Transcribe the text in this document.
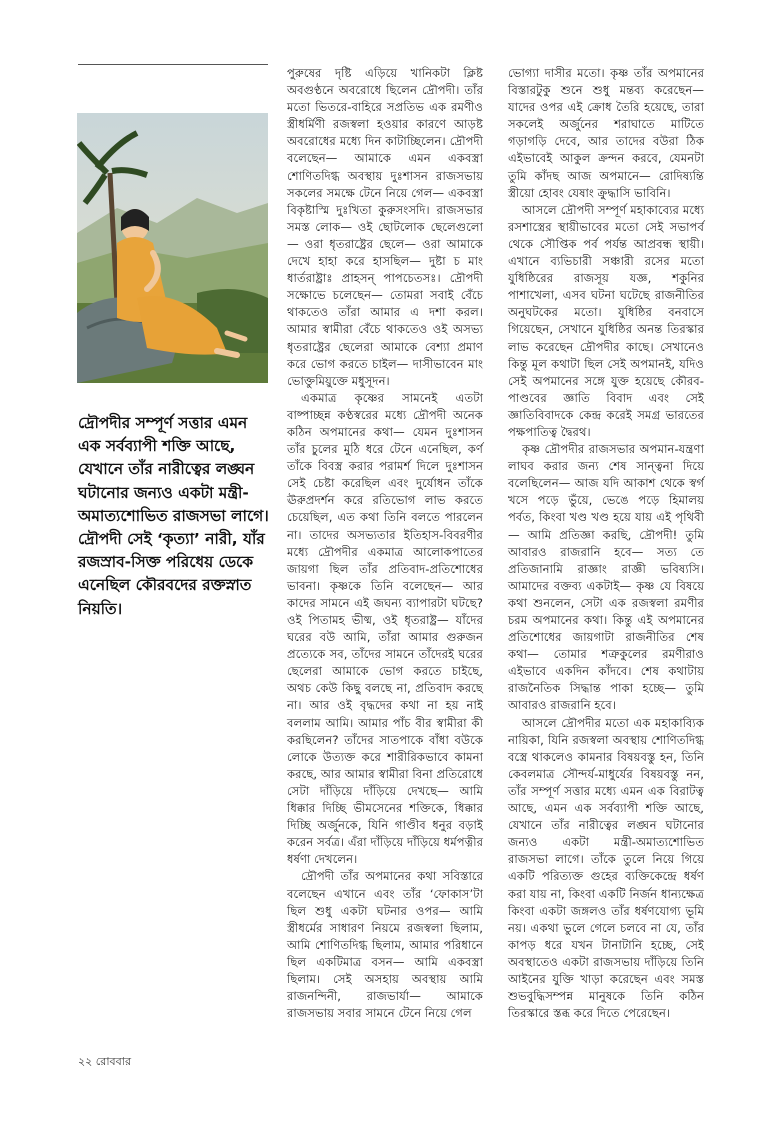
দ্রৌপদীর সম্পূর্ণ সত্তার এমন এক সর্বব্যাপী শক্তি আছে, যেখানে তাঁর নারীত্বের লঙ্ঘন ঘটানোর জন্যও একটা মন্ত্রী-অমাত্যশোভিত রাজসভা লাগে। দ্রৌপদী সেই ‘কৃত্যা’ নারী, যাঁর রজস্রাব-সিক্ত পরিধেয় ডেকে এনেছিল কৌরবদের রক্তস্নাত নিয়তি।

পুরুষের দৃষ্টি এড়িয়ে খানিকটা ক্লিষ্ট অবগুণ্ঠনে অবরোধে ছিলেন দ্রৌপদী। তাঁর মতো ভিতরে-বাহিরে সপ্রতিভ এক রমণীও স্ত্রীধর্মিণী রজস্বলা হওয়ার কারণে আড়ষ্ট অবরোধের মধ্যে দিন কাটাচ্ছিলেন। দ্রৌপদী বলেছেন— আমাকে এমন একবস্ত্রা শোণিতদিগ্ধ অবস্থায় দুঃশাসন রাজসভায় সকলের সমক্ষে টেনে নিয়ে গেল— একবস্ত্রা বিকৃষ্টাস্মি দুঃখিতা কুরুসংসদি। রাজসভার সমস্ত লোক— ওই ছোটলোক ছেলেগুলো— ওরা ধৃতরাষ্ট্রের ছেলে— ওরা আমাকে দেখে হাহা করে হাসছিল— দুষ্টা চ মাং ধার্তরাষ্ট্রাঃ প্রাহসন্ পাপচেতসঃ। দ্রৌপদী সক্ষোভে চলেছেন— তোমরা সবাই বেঁচে থাকতেও তাঁরা আমার এ দশা করল। আমার স্বামীরা বেঁচে থাকতেও ওই অসভ্য ধৃতরাষ্ট্রের ছেলেরা আমাকে বেশ্যা প্রমাণ করে ভোগ করতে চাইল— দাসীভাবেন মাং ভোক্তুমিয়ুক্তে মধুসূদন।

একমাত্র কৃষ্ণের সামনেই এতটা বাষ্পাচ্ছন্ন কণ্ঠস্বরের মধ্যে দ্রৌপদী অনেক কঠিন অপমানের কথা— যেমন দুঃশাসন তাঁর চুলের মুঠি ধরে টেনে এনেছিল, কর্ণ তাঁকে বিবস্ত্র করার পরামর্শ দিলে দুঃশাসন সেই চেষ্টা করেছিল এবং দুর্যোধন তাঁকে ঊরুপ্রদর্শন করে রতিভোগ লাভ করতে চেয়েছিল, এত কথা তিনি বলতে পারলেন না। তাদের অসভ্যতার ইতিহাস-বিবরণীর মধ্যে দ্রৌপদীর একমাত্র আলোকপাতের জায়গা ছিল তাঁর প্রতিবাদ-প্রতিশোধের ভাবনা। কৃষ্ণকে তিনি বলেছেন— আর কাদের সামনে এই জঘন্য ব্যাপারটা ঘটছে? ওই পিতামহ ভীষ্ম, ওই ধৃতরাষ্ট্র— যাঁদের ঘরের বউ আমি, তাঁরা আমার গুরুজন প্রত্যেকে সব, তাঁদের সামনে তাঁদেরই ঘরের ছেলেরা আমাকে ভোগ করতে চাইছে, অথচ কেউ কিছু বলছে না, প্রতিবাদ করছে না। আর ওই বৃদ্ধদের কথা না হয় নাই বললাম আমি। আমার পাঁচ বীর স্বামীরা কী করছিলেন? তাঁদের সাতপাকে বাঁধা বউকে লোকে উত্যক্ত করে শারীরিকভাবে কামনা করছে, আর আমার স্বামীরা বিনা প্রতিরোধে সেটা দাঁড়িয়ে দাঁড়িয়ে দেখছে— আমি ধিক্কার দিচ্ছি ভীমসেনের শক্তিকে, ধিক্কার দিচ্ছি অর্জুনকে, যিনি গাণ্ডীব ধনুর বড়াই করেন সর্বত্র। এঁরা দাঁড়িয়ে দাঁড়িয়ে ধর্মপত্নীর ধর্ষণা দেখলেন।

দ্রৌপদী তাঁর অপমানের কথা সবিস্তারে বলেছেন এখানে এবং তাঁর ‘ফোকাস’টা ছিল শুধু একটা ঘটনার ওপর— আমি স্ত্রীধর্মের সাধারণ নিয়মে রজস্বলা ছিলাম, আমি শোণিতদিগ্ধ ছিলাম, আমার পরিধানে ছিল একটিমাত্র বসন— আমি একবস্ত্রা ছিলাম। সেই অসহায় অবস্থায় আমি রাজনন্দিনী, রাজভার্যা— আমাকে রাজসভায় সবার সামনে টেনে নিয়ে গেল

ভোগ্যা দাসীর মতো। কৃষ্ণ তাঁর অপমানের বিস্তারটুকু শুনে শুধু মন্তব্য করেছেন— যাদের ওপর এই ক্রোধ তৈরি হয়েছে, তারা সকলেই অর্জুনের শরাঘাতে মাটিতে গড়াগড়ি দেবে, আর তাদের বউরা ঠিক এইভাবেই আকুল ক্রন্দন করবে, যেমনটা তুমি কাঁদছ আজ অপমানে— রোদিষ্যন্তি স্ত্রীয়ো হোবং যেষাং ক্রুদ্ধাসি ভাবিনি।

আসলে দ্রৌপদী সম্পূর্ণ মহাকাব্যের মধ্যে রসশাস্ত্রের স্থায়ীভাবের মতো সেই সভাপর্ব থেকে সৌপ্তিক পর্ব পর্যন্ত আপ্রবন্ধ স্থায়ী। এখানে ব্যভিচারী সঞ্চারী রসের মতো যুধিষ্ঠিরের রাজসূয় যজ্ঞ, শকুনির পাশাখেলা, এসব ঘটনা ঘটেছে রাজনীতির অনুঘটকের মতো। যুধিষ্ঠির বনবাসে গিয়েছেন, সেখানে যুধিষ্ঠির অনন্ত তিরস্কার লাভ করেছেন দ্রৌপদীর কাছে। সেখানেও কিন্তু মূল কথাটা ছিল সেই অপমানই, যদিও সেই অপমানের সঙ্গে যুক্ত হয়েছে কৌরব-পাণ্ডবের জ্ঞাতি বিবাদ এবং সেই জ্ঞাতিবিবাদকে কেন্দ্র করেই সমগ্র ভারতের পক্ষপাতিত্ব দ্বৈরথ।

কৃষ্ণ দ্রৌপদীর রাজসভার অপমান-যন্ত্রণা লাঘব করার জন্য শেষ সান্ত্বনা দিয়ে বলেছিলেন— আজ যদি আকাশ থেকে স্বর্গ খসে পড়ে ভুঁয়ে, ভেঙে পড়ে হিমালয় পর্বত, কিংবা খণ্ড খণ্ড হয়ে যায় এই পৃথিবী— আমি প্রতিজ্ঞা করছি, দ্রৌপদী! তুমি আবারও রাজরানি হবে— সত্য তে প্রতিজানামি রাজ্ঞাং রাজ্ঞী ভবিষ্যসি। আমাদের বক্তব্য একটাই— কৃষ্ণ যে বিষয়ে কথা শুনলেন, সেটা এক রজস্বলা রমণীর চরম অপমানের কথা। কিন্তু এই অপমানের প্রতিশোধের জায়গাটা রাজনীতির শেষ কথা— তোমার শত্রুকুলের রমণীরাও এইভাবে একদিন কাঁদবে। শেষ কথাটায় রাজনৈতিক সিদ্ধান্ত পাকা হচ্ছে— তুমি আবারও রাজরানি হবে।

আসলে দ্রৌপদীর মতো এক মহাকাব্যিক নায়িকা, যিনি রজস্বলা অবস্থায় শোণিতদিগ্ধ বস্ত্রে থাকলেও কামনার বিষয়বস্তু হন, তিনি কেবলমাত্র সৌন্দর্য-মাধুর্যের বিষয়বস্তু নন, তাঁর সম্পূর্ণ সত্তার মধ্যে এমন এক বিরাটত্ব আছে, এমন এক সর্বব্যাপী শক্তি আছে, যেখানে তাঁর নারীত্বের লঙ্ঘন ঘটানোর জন্যও একটা মন্ত্রী-অমাত্যশোভিত রাজসভা লাগে। তাঁকে তুলে নিয়ে গিয়ে একটি পরিত্যক্ত গুহের ব্যক্তিকেন্দ্রে ধর্ষণ করা যায় না, কিংবা একটি নির্জন ধান্যক্ষেত্র কিংবা একটা জঙ্গলও তাঁর ধর্ষণযোগ্য ভূমি নয়। একথা ভুলে গেলে চলবে না যে, তাঁর কাপড় ধরে যখন টানাটানি হচ্ছে, সেই অবস্থাতেও একটা রাজসভায় দাঁড়িয়ে তিনি আইনের যুক্তি খাড়া করেছেন এবং সমস্ত শুভবুদ্ধিসম্পন্ন মানুষকে তিনি কঠিন তিরস্কারে স্তব্ধ করে দিতে পেরেছেন।

২২ রোববার
